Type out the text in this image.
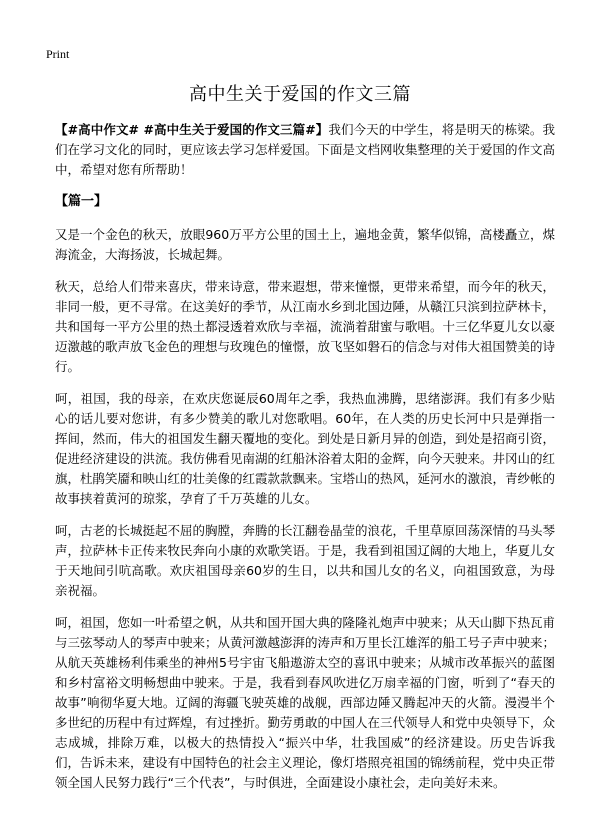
Print
高中生关于爱国的作文三篇

【#高中作文# #高中生关于爱国的作文三篇#】我们今天的中学生，将是明天的栋梁。我们在学习文化的同时，更应该去学习怎样爱国。下面是文档网收集整理的关于爱国的作文高中，希望对您有所帮助！

【篇一】

又是一个金色的秋天，放眼960万平方公里的国土上，遍地金黄，繁华似锦，高楼矗立，煤海流金，大海扬波，长城起舞。

秋天，总给人们带来喜庆，带来诗意，带来遐想，带来憧憬，更带来希望，而今年的秋天，非同一般，更不寻常。在这美好的季节，从江南水乡到北国边陲，从赣江只滨到拉萨林卡，共和国每一平方公里的热土都浸透着欢欣与幸福，流淌着甜蜜与歌唱。十三亿华夏儿女以豪迈激越的歌声放飞金色的理想与玫瑰色的憧憬，放飞坚如磐石的信念与对伟大祖国赞美的诗行。

呵，祖国，我的母亲，在欢庆您诞辰60周年之季，我热血沸腾，思绪澎湃。我们有多少贴心的话儿要对您讲，有多少赞美的歌儿对您歌唱。60年，在人类的历史长河中只是弹指一挥间，然而，伟大的祖国发生翻天覆地的变化。到处是日新月异的创造，到处是招商引资，促进经济建设的洪流。我仿佛看见南湖的红船沐浴着太阳的金辉，向今天驶来。井冈山的红旗，杜鹃笑靥和映山红的壮美像的红霞款款飘来。宝塔山的热风，延河水的激浪，青纱帐的故事挟着黄河的琼浆，孕育了千万英雄的儿女。

呵，古老的长城挺起不屈的胸膛，奔腾的长江翻卷晶莹的浪花，千里草原回荡深情的马头琴声，拉萨林卡正传来牧民奔向小康的欢歌笑语。于是，我看到祖国辽阔的大地上，华夏儿女于天地间引吭高歌。欢庆祖国母亲60岁的生日，以共和国儿女的名义，向祖国致意，为母亲祝福。

呵，祖国，您如一叶希望之帆，从共和国开国大典的隆隆礼炮声中驶来；从天山脚下热瓦甫与三弦琴动人的琴声中驶来；从黄河激越澎湃的涛声和万里长江雄浑的船工号子声中驶来；从航天英雄杨利伟乘坐的神州5号宇宙飞船遨游太空的喜讯中驶来；从城市改革振兴的蓝图和乡村富裕文明畅想曲中驶来。于是，我看到春风吹进亿万扇幸福的门窗，听到了“春天的故事”响彻华夏大地。辽阔的海疆飞驶英雄的战舰，西部边陲又腾起冲天的火箭。漫漫半个多世纪的历程中有过辉煌，有过挫折。勤劳勇敢的中国人在三代领导人和党中央领导下，众志成城，排除万难，以极大的热情投入“振兴中华，壮我国威”的经济建设。历史告诉我们，告诉未来，建设有中国特色的社会主义理论，像灯塔照亮祖国的锦绣前程，党中央正带领全国人民努力践行“三个代表”，与时俱进，全面建设小康社会，走向美好未来。
